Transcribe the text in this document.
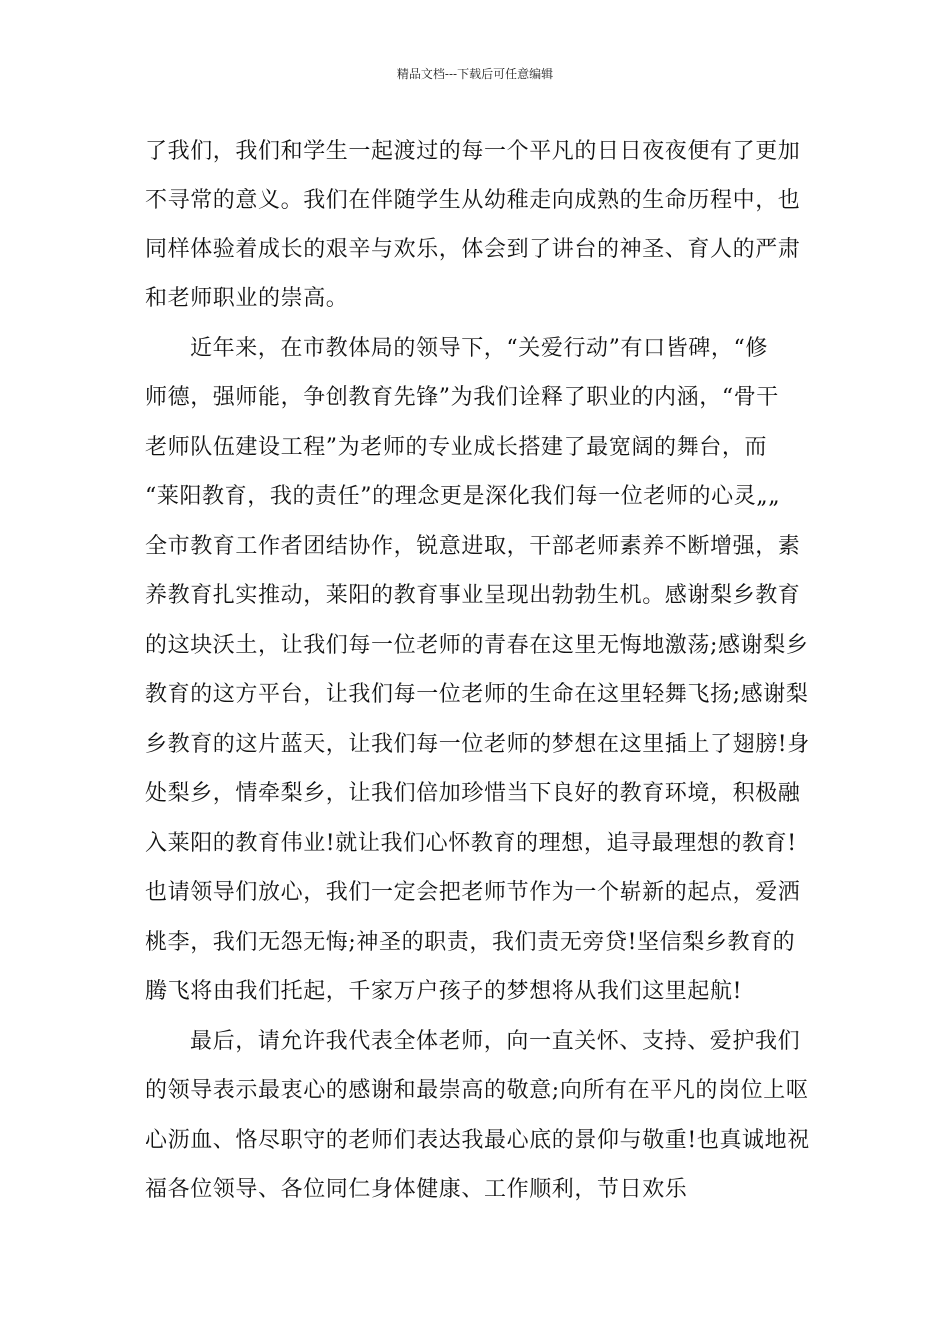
精品文档---下载后可任意编辑
了我们，我们和学生一起渡过的每一个平凡的日日夜夜便有了更加
不寻常的意义。我们在伴随学生从幼稚走向成熟的生命历程中，也
同样体验着成长的艰辛与欢乐，体会到了讲台的神圣、育人的严肃
和老师职业的崇高。
近年来，在市教体局的领导下，“关爱行动”有口皆碑，“修
师德，强师能，争创教育先锋”为我们诠释了职业的内涵，“骨干
老师队伍建设工程”为老师的专业成长搭建了最宽阔的舞台，而
“莱阳教育，我的责任”的理念更是深化我们每一位老师的心灵„„
全市教育工作者团结协作，锐意进取，干部老师素养不断增强，素
养教育扎实推动，莱阳的教育事业呈现出勃勃生机。感谢梨乡教育
的这块沃土，让我们每一位老师的青春在这里无悔地激荡;感谢梨乡
教育的这方平台，让我们每一位老师的生命在这里轻舞飞扬;感谢梨
乡教育的这片蓝天，让我们每一位老师的梦想在这里插上了翅膀!身
处梨乡，情牵梨乡，让我们倍加珍惜当下良好的教育环境，积极融
入莱阳的教育伟业!就让我们心怀教育的理想，追寻最理想的教育!
也请领导们放心，我们一定会把老师节作为一个崭新的起点，爱洒
桃李，我们无怨无悔;神圣的职责，我们责无旁贷!坚信梨乡教育的
腾飞将由我们托起，千家万户孩子的梦想将从我们这里起航!
最后，请允许我代表全体老师，向一直关怀、支持、爱护我们
的领导表示最衷心的感谢和最崇高的敬意;向所有在平凡的岗位上呕
心沥血、恪尽职守的老师们表达我最心底的景仰与敬重!也真诚地祝
福各位领导、各位同仁身体健康、工作顺利，节日欢乐
